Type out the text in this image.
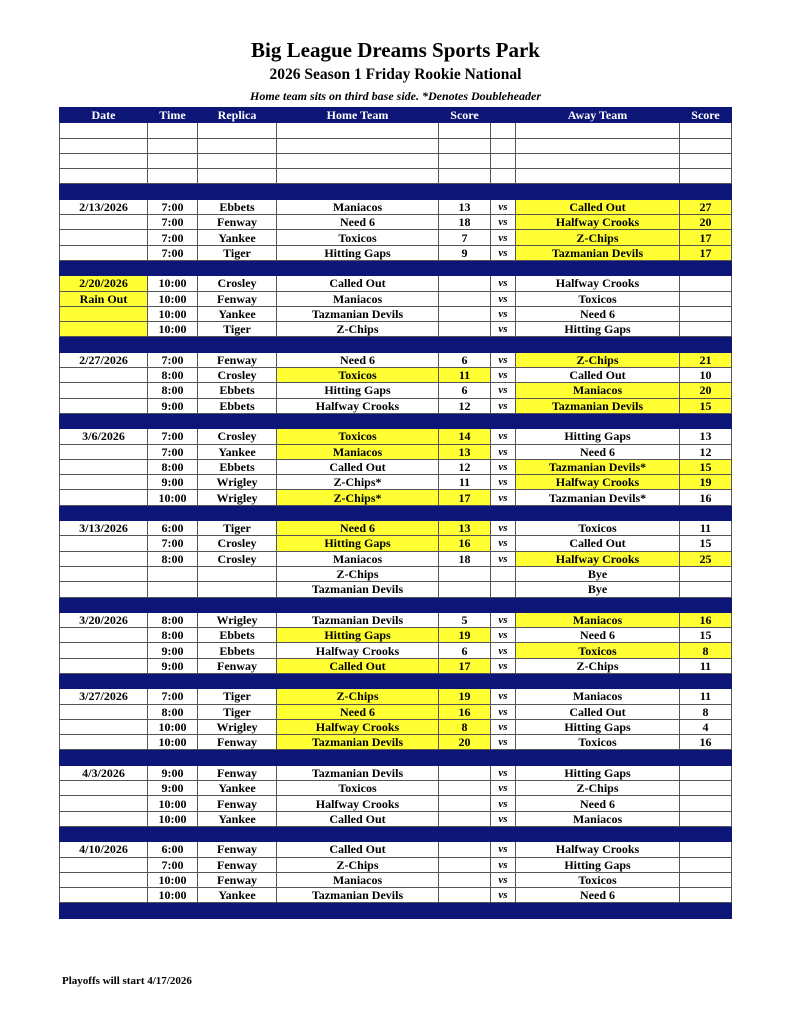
Big League Dreams Sports Park
2026 Season 1 Friday Rookie National
Home team sits on third base side. *Denotes Doubleheader
Date	Time	Replica	Home Team	Score		Away Team	Score

2/13/2026	7:00	Ebbets	Maniacos	13	vs	Called Out	27
	7:00	Fenway	Need 6	18	vs	Halfway Crooks	20
	7:00	Yankee	Toxicos	7	vs	Z-Chips	17
	7:00	Tiger	Hitting Gaps	9	vs	Tazmanian Devils	17

2/20/2026	10:00	Crosley	Called Out		vs	Halfway Crooks	
Rain Out	10:00	Fenway	Maniacos		vs	Toxicos	
	10:00	Yankee	Tazmanian Devils		vs	Need 6	
	10:00	Tiger	Z-Chips		vs	Hitting Gaps	

2/27/2026	7:00	Fenway	Need 6	6	vs	Z-Chips	21
	8:00	Crosley	Toxicos	11	vs	Called Out	10
	8:00	Ebbets	Hitting Gaps	6	vs	Maniacos	20
	9:00	Ebbets	Halfway Crooks	12	vs	Tazmanian Devils	15

3/6/2026	7:00	Crosley	Toxicos	14	vs	Hitting Gaps	13
	7:00	Yankee	Maniacos	13	vs	Need 6	12
	8:00	Ebbets	Called Out	12	vs	Tazmanian Devils*	15
	9:00	Wrigley	Z-Chips*	11	vs	Halfway Crooks	19
	10:00	Wrigley	Z-Chips*	17	vs	Tazmanian Devils*	16

3/13/2026	6:00	Tiger	Need 6	13	vs	Toxicos	11
	7:00	Crosley	Hitting Gaps	16	vs	Called Out	15
	8:00	Crosley	Maniacos	18	vs	Halfway Crooks	25
			Z-Chips			Bye	
			Tazmanian Devils			Bye	

3/20/2026	8:00	Wrigley	Tazmanian Devils	5	vs	Maniacos	16
	8:00	Ebbets	Hitting Gaps	19	vs	Need 6	15
	9:00	Ebbets	Halfway Crooks	6	vs	Toxicos	8
	9:00	Fenway	Called Out	17	vs	Z-Chips	11

3/27/2026	7:00	Tiger	Z-Chips	19	vs	Maniacos	11
	8:00	Tiger	Need 6	16	vs	Called Out	8
	10:00	Wrigley	Halfway Crooks	8	vs	Hitting Gaps	4
	10:00	Fenway	Tazmanian Devils	20	vs	Toxicos	16

4/3/2026	9:00	Fenway	Tazmanian Devils		vs	Hitting Gaps	
	9:00	Yankee	Toxicos		vs	Z-Chips	
	10:00	Fenway	Halfway Crooks		vs	Need 6	
	10:00	Yankee	Called Out		vs	Maniacos	

4/10/2026	6:00	Fenway	Called Out		vs	Halfway Crooks	
	7:00	Fenway	Z-Chips		vs	Hitting Gaps	
	10:00	Fenway	Maniacos		vs	Toxicos	
	10:00	Yankee	Tazmanian Devils		vs	Need 6	

Playoffs will start 4/17/2026
